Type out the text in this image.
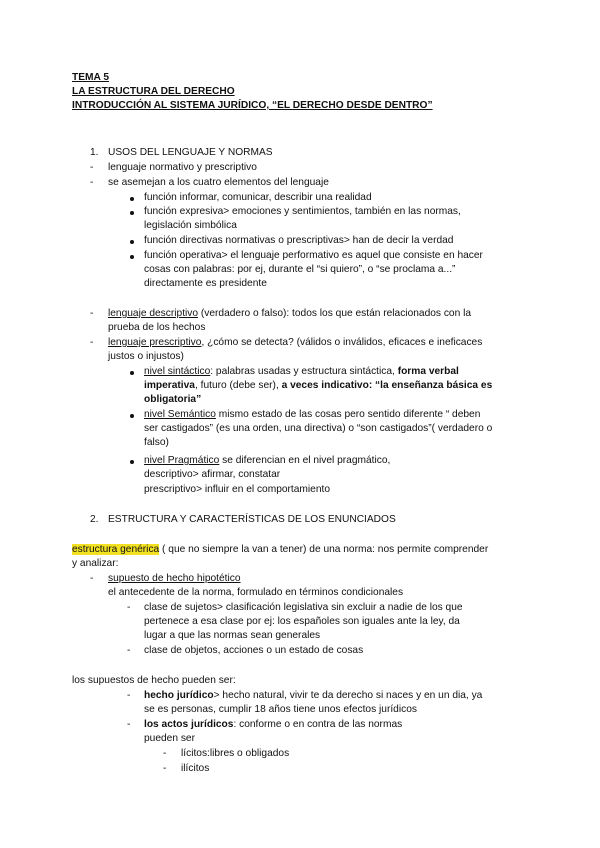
TEMA 5
LA ESTRUCTURA DEL DERECHO
INTRODUCCIÓN AL SISTEMA JURÍDICO, “EL DERECHO DESDE DENTRO”
1. USOS DEL LENGUAJE Y NORMAS
- lenguaje normativo y prescriptivo
- se asemejan a los cuatro elementos del lenguaje
función informar, comunicar, describir una realidad
función expresiva> emociones y sentimientos, también en las normas,
legislación simbólica
función directivas normativas o prescriptivas> han de decir la verdad
función operativa> el lenguaje performativo es aquel que consiste en hacer
cosas con palabras: por ej, durante el “si quiero”, o “se proclama a...”
directamente es presidente
- lenguaje descriptivo (verdadero o falso): todos los que están relacionados con la
prueba de los hechos
- lenguaje prescriptivo, ¿cómo se detecta? (válidos o inválidos, eficaces e ineficaces
justos o injustos)
nivel sintáctico: palabras usadas y estructura sintáctica, forma verbal
imperativa, futuro (debe ser), a veces indicativo: “la enseñanza básica es
obligatoria”
nivel Semántico mismo estado de las cosas pero sentido diferente “ deben
ser castigados” (es una orden, una directiva) o “son castigados”( verdadero o
falso)
nivel Pragmático se diferencian en el nivel pragmático,
descriptivo> afirmar, constatar
prescriptivo> influir en el comportamiento
2. ESTRUCTURA Y CARACTERÍSTICAS DE LOS ENUNCIADOS
estructura genérica ( que no siempre la van a tener) de una norma: nos permite comprender
y analizar:
- supuesto de hecho hipotético
el antecedente de la norma, formulado en términos condicionales
- clase de sujetos> clasificación legislativa sin excluir a nadie de los que
pertenece a esa clase por ej: los españoles son iguales ante la ley, da
lugar a que las normas sean generales
- clase de objetos, acciones o un estado de cosas
los supuestos de hecho pueden ser:
- hecho jurídico> hecho natural, vivir te da derecho si naces y en un dia, ya
se es personas, cumplir 18 años tiene unos efectos jurídicos
- los actos jurídicos: conforme o en contra de las normas
pueden ser
- lícitos:libres o obligados
- ilícitos
